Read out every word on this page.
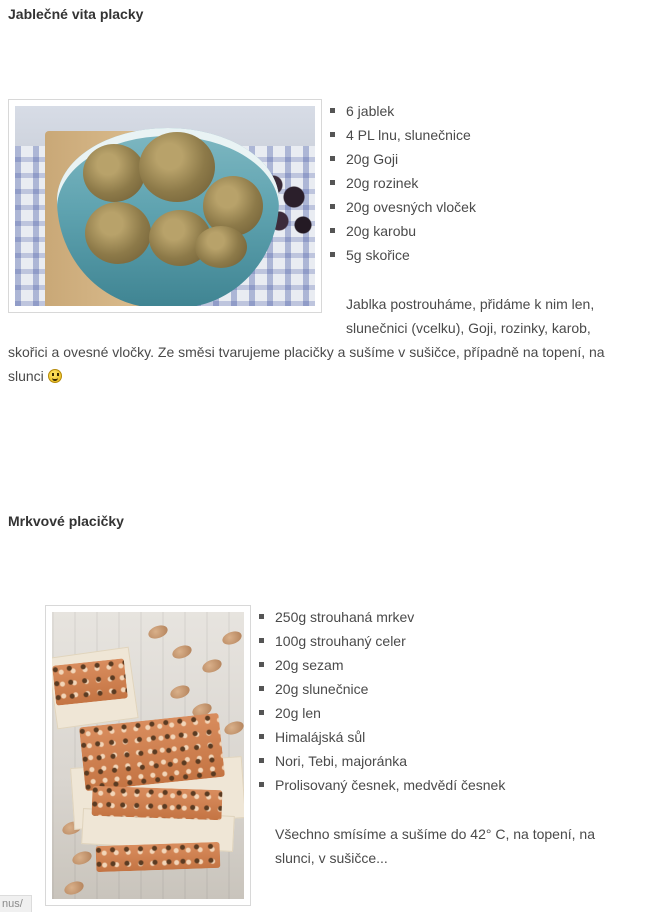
Jablečné vita placky
6 jablek
4 PL lnu, slunečnice
20g Goji
20g rozinek
20g ovesných vloček
20g karobu
5g skořice
Jablka postrouháme, přidáme k nim len,
slunečnici (vcelku), Goji, rozinky, karob,
skořici a ovesné vločky. Ze směsi tvarujeme placičky a sušíme v sušičce, případně na topení, na
slunci
Mrkvové placičky
250g strouhaná mrkev
100g strouhaný celer
20g sezam
20g slunečnice
20g len
Himalájská sůl
Nori, Tebi, majoránka
Prolisovaný česnek, medvědí česnek
Všechno smísíme a sušíme do 42° C, na topení, na
slunci, v sušičce...
nus/
